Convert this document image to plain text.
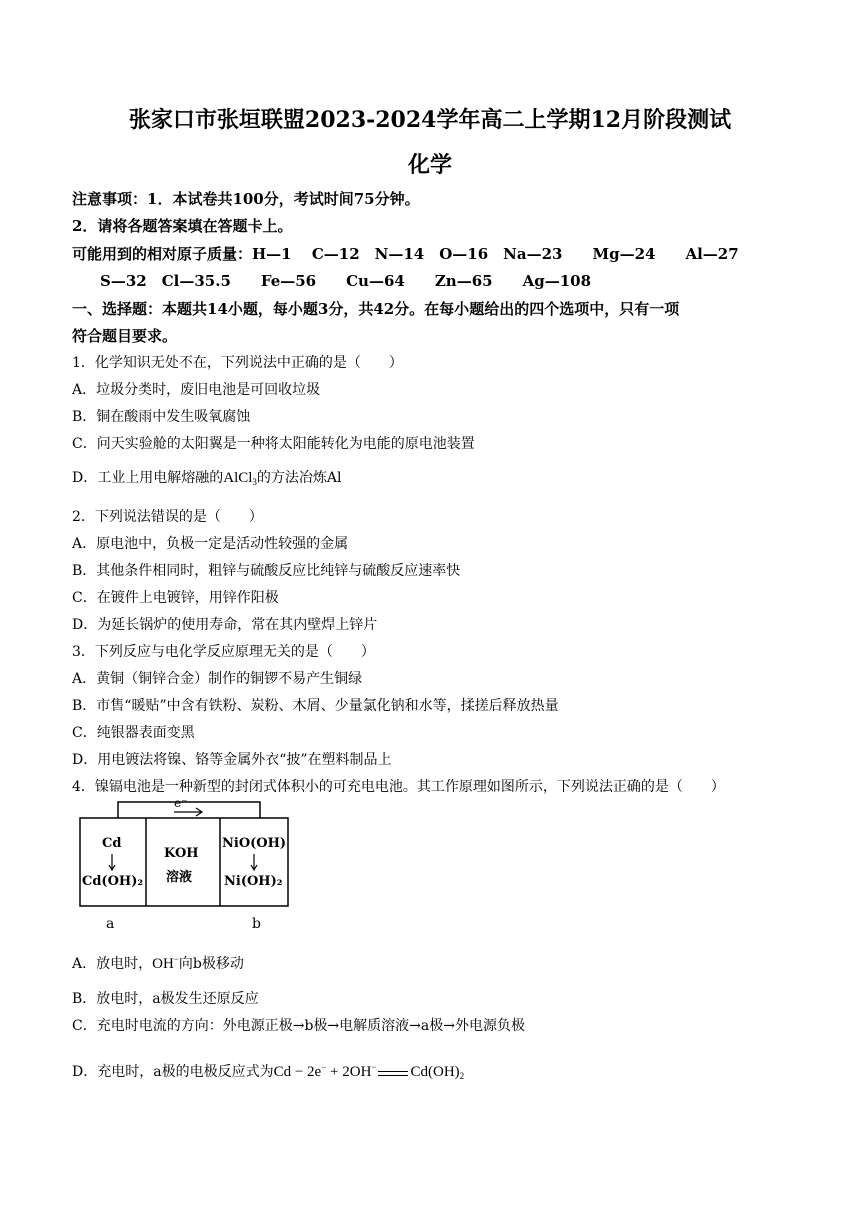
张家口市张垣联盟2023-2024学年高二上学期12月阶段测试
化学
注意事项：1．本试卷共100分，考试时间75分钟。
2．请将各题答案填在答题卡上。
可能用到的相对原子质量：H—1　 C—12　N—14　O—16　Na—23　　Mg—24　　Al—27
S—32　Cl—35.5　　Fe—56　　Cu—64　　Zn—65　　Ag—108
一、选择题：本题共14小题，每小题3分，共42分。在每小题给出的四个选项中，只有一项
符合题目要求。
1．化学知识无处不在，下列说法中正确的是（　　）
A．垃圾分类时，废旧电池是可回收垃圾
B．铜在酸雨中发生吸氧腐蚀
C．问天实验舱的太阳翼是一种将太阳能转化为电能的原电池装置
D．工业上用电解熔融的AlCl$_3$的方法冶炼Al
2．下列说法错误的是（　　）
A．原电池中，负极一定是活动性较强的金属
B．其他条件相同时，粗锌与硫酸反应比纯锌与硫酸反应速率快
C．在镀件上电镀锌，用锌作阳极
D．为延长锅炉的使用寿命，常在其内壁焊上锌片
3．下列反应与电化学反应原理无关的是（　　）
A．黄铜（铜锌合金）制作的铜锣不易产生铜绿
B．市售“暖贴”中含有铁粉、炭粉、木屑、少量氯化钠和水等，揉搓后释放热量
C．纯银器表面变黑
D．用电镀法将镍、铬等金属外衣“披”在塑料制品上
4．镍镉电池是一种新型的封闭式体积小的可充电电池。其工作原理如图所示，下列说法正确的是（　　）
e⁻
Cd
Cd(OH)₂
KOH
溶液
NiO(OH)
Ni(OH)₂
a	b
A．放电时，OH−向b极移动
B．放电时，a极发生还原反应
C．充电时电流的方向：外电源正极→b极→电解质溶液→a极→外电源负极
D．充电时，a极的电极反应式为Cd − 2e− + 2OH− $Cd(OH)_2$
